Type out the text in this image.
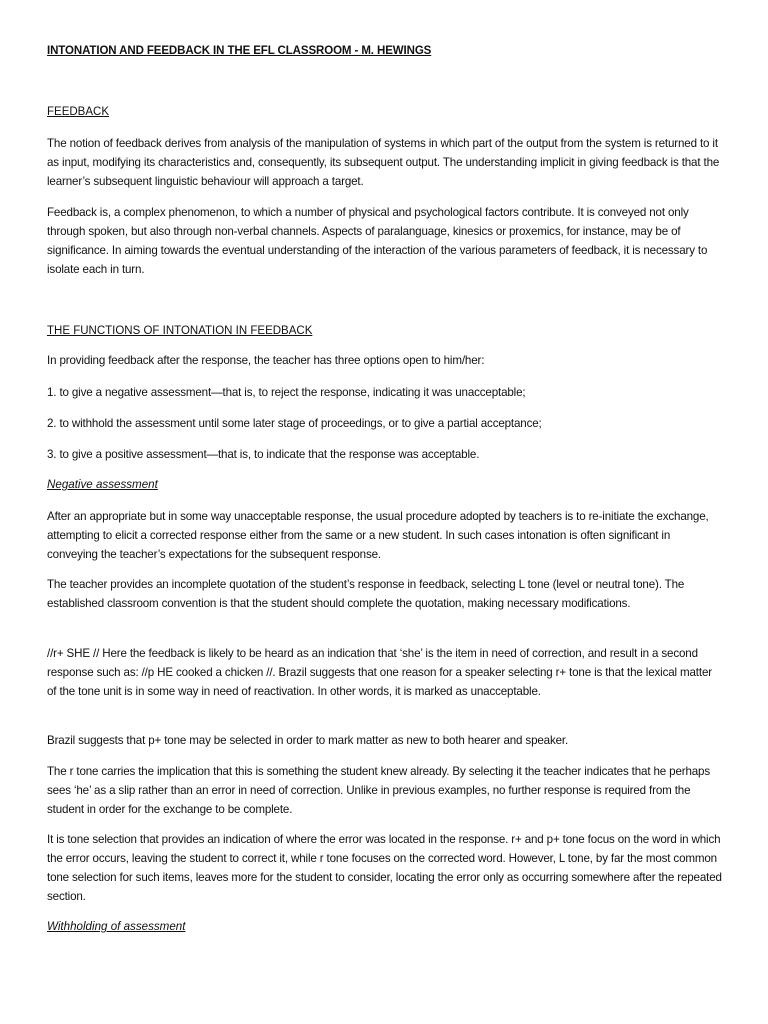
INTONATION AND FEEDBACK IN THE EFL CLASSROOM - M. HEWINGS
FEEDBACK

The notion of feedback derives from analysis of the manipulation of systems in which part of the output from the system is returned to it as input, modifying its characteristics and, consequently, its subsequent output. The understanding implicit in giving feedback is that the learner’s subsequent linguistic behaviour will approach a target.

Feedback is, a complex phenomenon, to which a number of physical and psychological factors contribute. It is conveyed not only through spoken, but also through non-verbal channels. Aspects of paralanguage, kinesics or proxemics, for instance, may be of significance. In aiming towards the eventual understanding of the interaction of the various parameters of feedback, it is necessary to isolate each in turn.

THE FUNCTIONS OF INTONATION IN FEEDBACK

In providing feedback after the response, the teacher has three options open to him/her:

1. to give a negative assessment—that is, to reject the response, indicating it was unacceptable;

2. to withhold the assessment until some later stage of proceedings, or to give a partial acceptance;

3. to give a positive assessment—that is, to indicate that the response was acceptable.

Negative assessment

After an appropriate but in some way unacceptable response, the usual procedure adopted by teachers is to re-initiate the exchange, attempting to elicit a corrected response either from the same or a new student. In such cases intonation is often significant in conveying the teacher’s expectations for the subsequent response.

The teacher provides an incomplete quotation of the student’s response in feedback, selecting L tone (level or neutral tone). The established classroom convention is that the student should complete the quotation, making necessary modifications.

//r+ SHE // Here the feedback is likely to be heard as an indication that ‘she’ is the item in need of correction, and result in a second response such as: //p HE cooked a chicken //. Brazil suggests that one reason for a speaker selecting r+ tone is that the lexical matter of the tone unit is in some way in need of reactivation. In other words, it is marked as unacceptable.

Brazil suggests that p+ tone may be selected in order to mark matter as new to both hearer and speaker.

The r tone carries the implication that this is something the student knew already. By selecting it the teacher indicates that he perhaps sees ‘he’ as a slip rather than an error in need of correction. Unlike in previous examples, no further response is required from the student in order for the exchange to be complete.

It is tone selection that provides an indication of where the error was located in the response. r+ and p+ tone focus on the word in which the error occurs, leaving the student to correct it, while r tone focuses on the corrected word. However, L tone, by far the most common tone selection for such items, leaves more for the student to consider, locating the error only as occurring somewhere after the repeated section.

Withholding of assessment
